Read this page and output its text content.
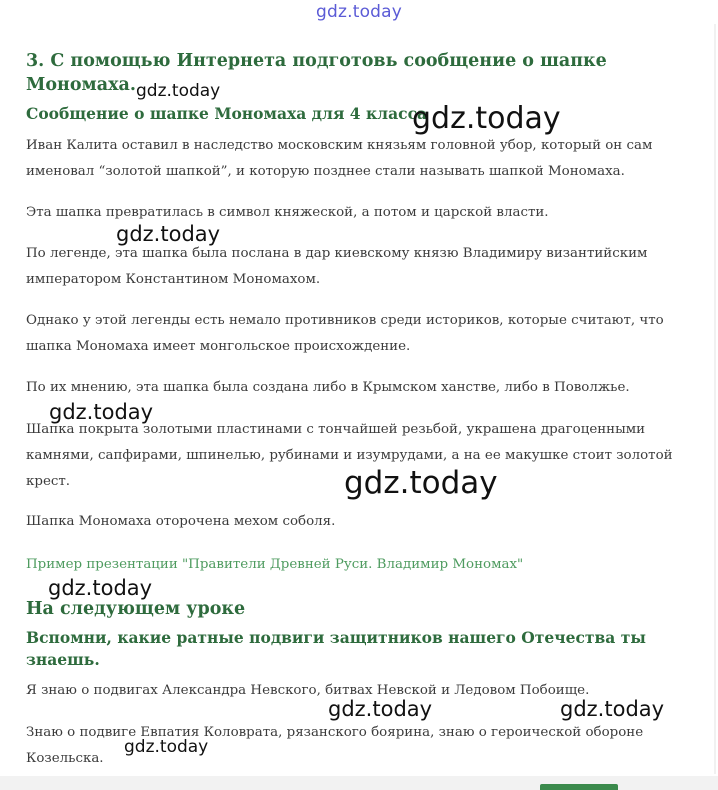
gdz.today
3. С помощью Интернета подготовь сообщение о шапке Мономаха.
Сообщение о шапке Мономаха для 4 класса

Иван Калита оставил в наследство московским князьям головной убор, который он сам именовал “золотой шапкой”, и которую позднее стали называть шапкой Мономаха.

Эта шапка превратилась в символ княжеской, а потом и царской власти.

По легенде, эта шапка была послана в дар киевскому князю Владимиру византийским императором Константином Мономахом.

Однако у этой легенды есть немало противников среди историков, которые считают, что шапка Мономаха имеет монгольское происхождение.

По их мнению, эта шапка была создана либо в Крымском ханстве, либо в Поволжье.

Шапка покрыта золотыми пластинами с тончайшей резьбой, украшена драгоценными камнями, сапфирами, шпинелью, рубинами и изумрудами, а на ее макушке стоит золотой крест.

Шапка Мономаха оторочена мехом соболя.

Пример презентации "Правители Древней Руси. Владимир Мономах"
На следующем уроке
Вспомни, какие ратные подвиги защитников нашего Отечества ты знаешь.

Я знаю о подвигах Александра Невского, битвах Невской и Ледовом Побоище.

Знаю о подвиге Евпатия Коловрата, рязанского боярина, знаю о героической обороне Козельска.

gdz.today
gdz.today
gdz.today
gdz.today
gdz.today
gdz.today
gdz.today	gdz.today
gdz.today
